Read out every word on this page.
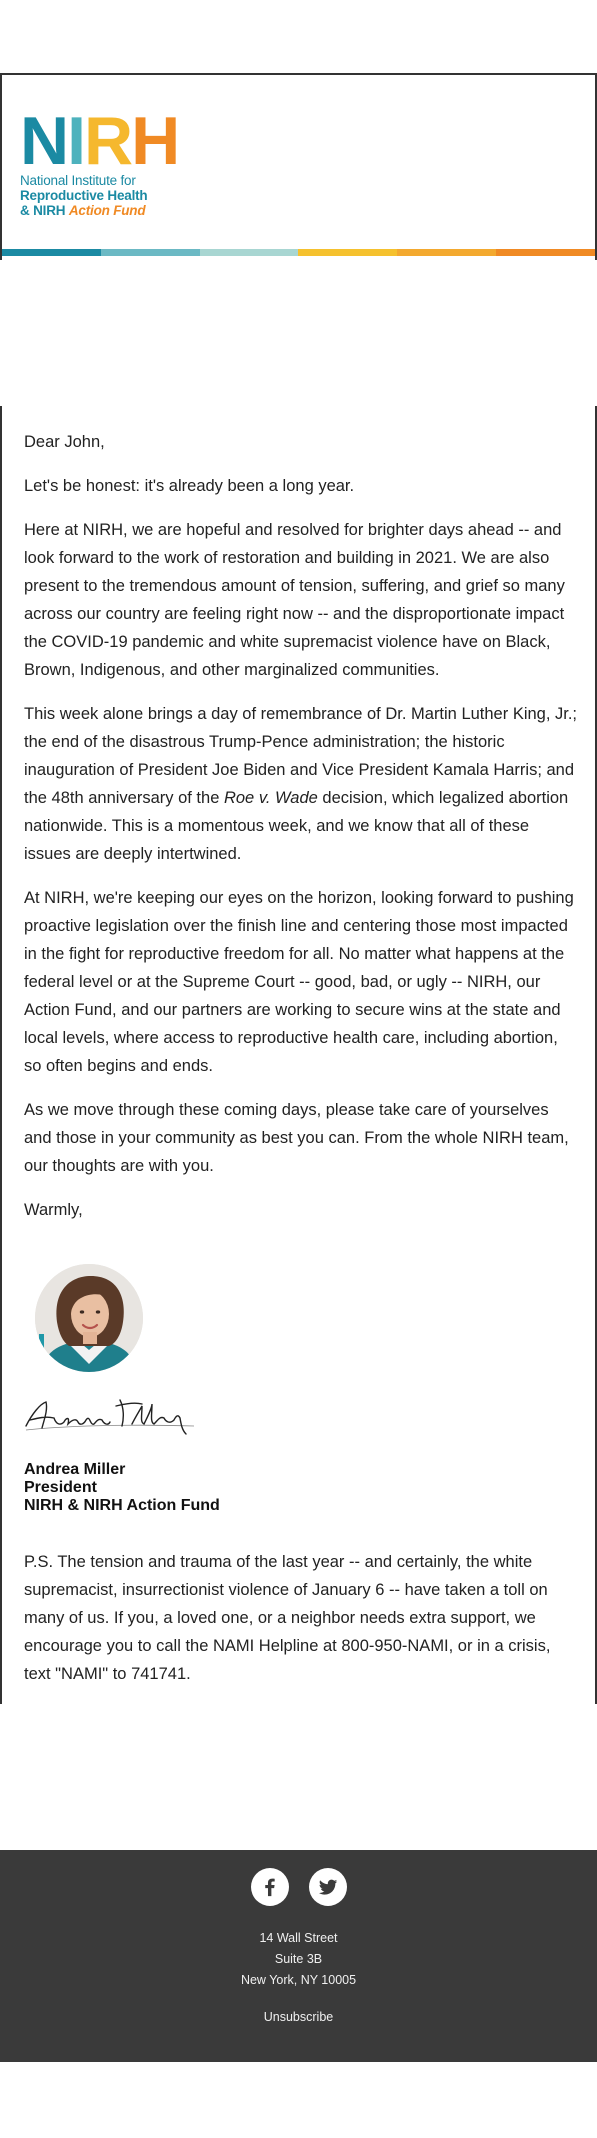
N I R H
National Institute for
Reproductive Health
& NIRH Action Fund

Dear John,

Let's be honest: it's already been a long year.

Here at NIRH, we are hopeful and resolved for brighter days ahead -- and look forward to the work of restoration and building in 2021. We are also present to the tremendous amount of tension, suffering, and grief so many across our country are feeling right now -- and the disproportionate impact the COVID-19 pandemic and white supremacist violence have on Black, Brown, Indigenous, and other marginalized communities.

This week alone brings a day of remembrance of Dr. Martin Luther King, Jr.; the end of the disastrous Trump-Pence administration; the historic inauguration of President Joe Biden and Vice President Kamala Harris; and the 48th anniversary of the Roe v. Wade decision, which legalized abortion nationwide. This is a momentous week, and we know that all of these issues are deeply intertwined.

At NIRH, we're keeping our eyes on the horizon, looking forward to pushing proactive legislation over the finish line and centering those most impacted in the fight for reproductive freedom for all. No matter what happens at the federal level or at the Supreme Court -- good, bad, or ugly -- NIRH, our Action Fund, and our partners are working to secure wins at the state and local levels, where access to reproductive health care, including abortion, so often begins and ends.

As we move through these coming days, please take care of yourselves and those in your community as best you can. From the whole NIRH team, our thoughts are with you.

Warmly,

Andrea Miller
President
NIRH & NIRH Action Fund

P.S. The tension and trauma of the last year -- and certainly, the white supremacist, insurrectionist violence of January 6 -- have taken a toll on many of us. If you, a loved one, or a neighbor needs extra support, we encourage you to call the NAMI Helpline at 800-950-NAMI, or in a crisis, text "NAMI" to 741741.

14 Wall Street
Suite 3B
New York, NY 10005
Unsubscribe
